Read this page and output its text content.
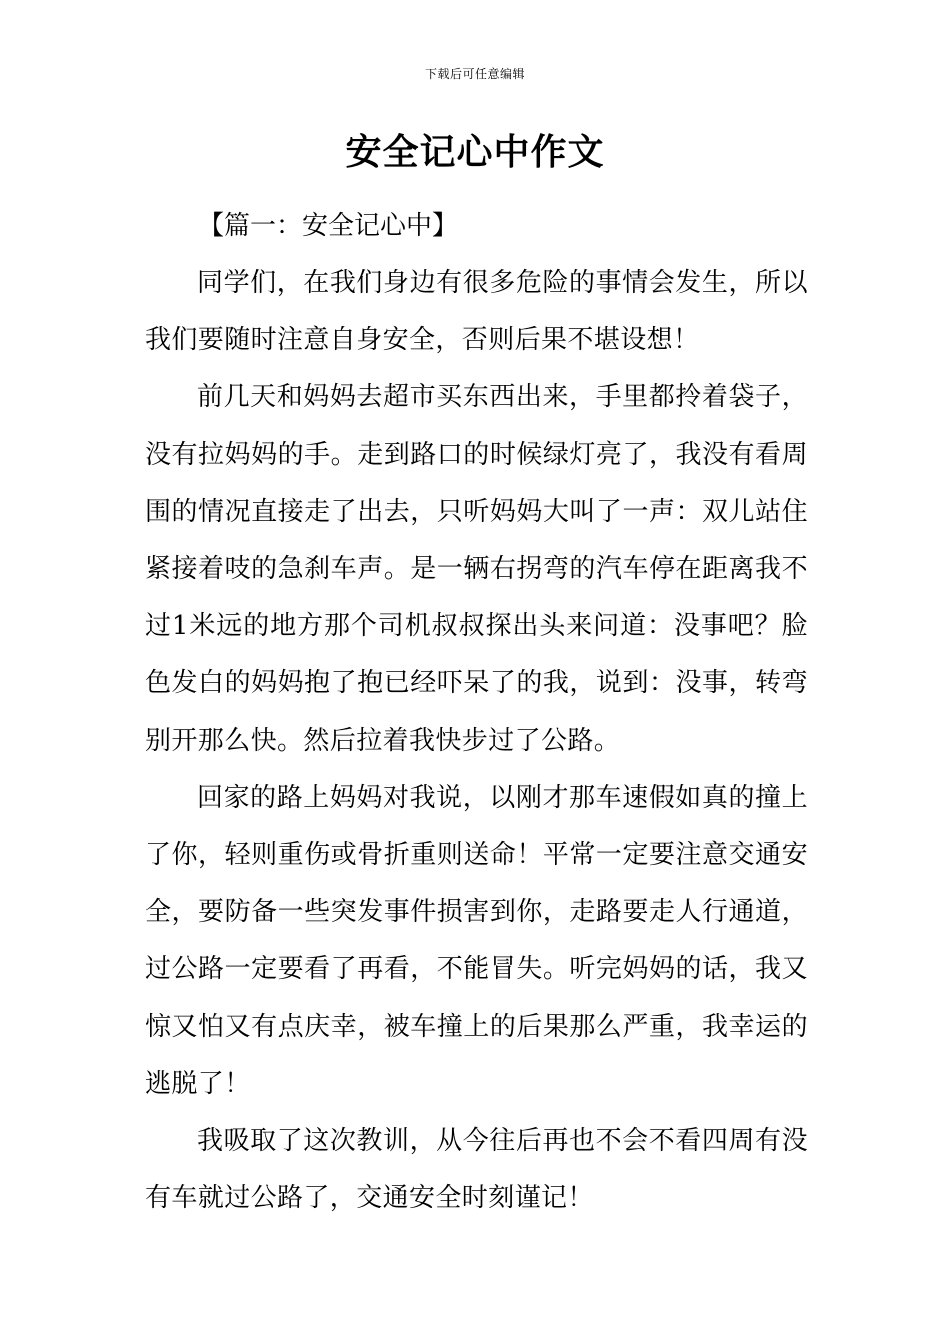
下载后可任意编辑
安全记心中作文

【篇一：安全记心中】

同学们，在我们身边有很多危险的事情会发生，所以我们要随时注意自身安全，否则后果不堪设想！

前几天和妈妈去超市买东西出来，手里都拎着袋子，没有拉妈妈的手。走到路口的时候绿灯亮了，我没有看周围的情况直接走了出去，只听妈妈大叫了一声：双儿站住紧接着吱的急刹车声。是一辆右拐弯的汽车停在距离我不过1米远的地方那个司机叔叔探出头来问道：没事吧？脸色发白的妈妈抱了抱已经吓呆了的我，说到：没事，转弯别开那么快。然后拉着我快步过了公路。

回家的路上妈妈对我说，以刚才那车速假如真的撞上了你，轻则重伤或骨折重则送命！平常一定要注意交通安全，要防备一些突发事件损害到你，走路要走人行通道，过公路一定要看了再看，不能冒失。听完妈妈的话，我又惊又怕又有点庆幸，被车撞上的后果那么严重，我幸运的逃脱了！

我吸取了这次教训，从今往后再也不会不看四周有没有车就过公路了，交通安全时刻谨记！
